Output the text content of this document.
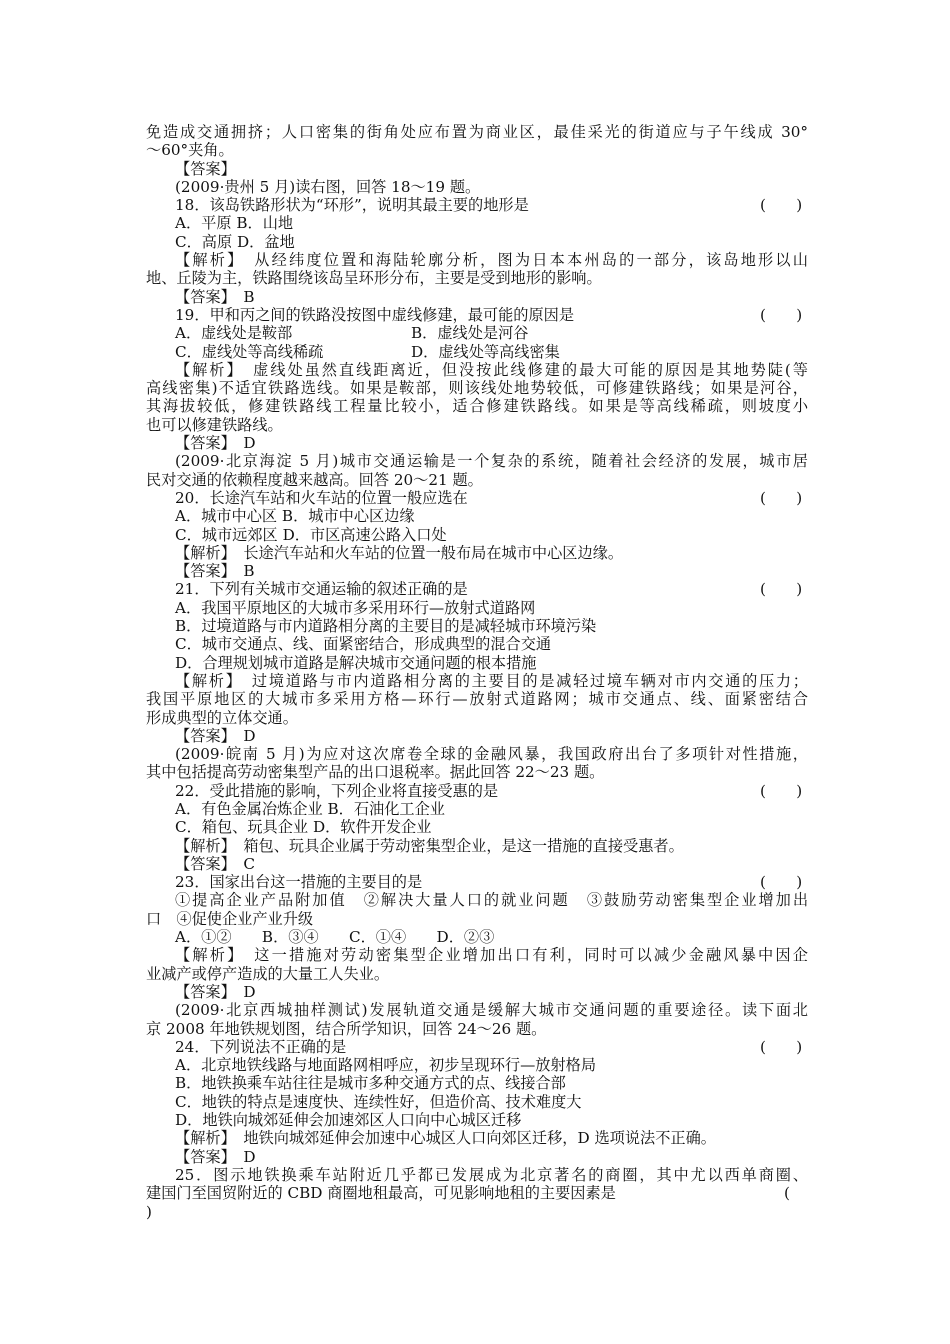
免造成交通拥挤；人口密集的街角处应布置为商业区，最佳采光的街道应与子午线成 30°
～60°夹角。
【答案】
(2009·贵州 5 月)读右图，回答 18～19 题。
18．该岛铁路形状为“环形”，说明其最主要的地形是	(　　)
A．平原 B．山地
C．高原 D．盆地
【解析】　从经纬度位置和海陆轮廓分析，图为日本本州岛的一部分，该岛地形以山
地、丘陵为主，铁路围绕该岛呈环形分布，主要是受到地形的影响。
【答案】　B
19．甲和丙之间的铁路没按图中虚线修建，最可能的原因是	(　　)
A．虚线处是鞍部	B．虚线处是河谷
C．虚线处等高线稀疏	D．虚线处等高线密集
【解析】　虚线处虽然直线距离近，但没按此线修建的最大可能的原因是其地势陡(等
高线密集)不适宜铁路选线。如果是鞍部，则该线处地势较低，可修建铁路线；如果是河谷，
其海拔较低，修建铁路线工程量比较小，适合修建铁路线。如果是等高线稀疏，则坡度小
也可以修建铁路线。
【答案】　D
(2009·北京海淀 5 月)城市交通运输是一个复杂的系统，随着社会经济的发展，城市居
民对交通的依赖程度越来越高。回答 20～21 题。
20．长途汽车站和火车站的位置一般应选在	(　　)
A．城市中心区 B．城市中心区边缘
C．城市远郊区 D．市区高速公路入口处
【解析】　长途汽车站和火车站的位置一般布局在城市中心区边缘。
【答案】　B
21．下列有关城市交通运输的叙述正确的是	(　　)
A．我国平原地区的大城市多采用环行—放射式道路网
B．过境道路与市内道路相分离的主要目的是减轻城市环境污染
C．城市交通点、线、面紧密结合，形成典型的混合交通
D．合理规划城市道路是解决城市交通问题的根本措施
【解析】　过境道路与市内道路相分离的主要目的是减轻过境车辆对市内交通的压力；
我国平原地区的大城市多采用方格—环行—放射式道路网；城市交通点、线、面紧密结合
形成典型的立体交通。
【答案】　D
(2009·皖南 5 月)为应对这次席卷全球的金融风暴，我国政府出台了多项针对性措施，
其中包括提高劳动密集型产品的出口退税率。据此回答 22～23 题。
22．受此措施的影响，下列企业将直接受惠的是	(　　)
A．有色金属冶炼企业 B．石油化工企业
C．箱包、玩具企业 D．软件开发企业
【解析】　箱包、玩具企业属于劳动密集型企业，是这一措施的直接受惠者。
【答案】　C
23．国家出台这一措施的主要目的是	(　　)
①提高企业产品附加值　②解决大量人口的就业问题　③鼓励劳动密集型企业增加出
口　④促使企业产业升级
A．①②　　B．③④　　C．①④　　D．②③
【解析】　这一措施对劳动密集型企业增加出口有利，同时可以减少金融风暴中因企
业减产或停产造成的大量工人失业。
【答案】　D
(2009·北京西城抽样测试)发展轨道交通是缓解大城市交通问题的重要途径。读下面北
京 2008 年地铁规划图，结合所学知识，回答 24～26 题。
24．下列说法不正确的是	(　　)
A．北京地铁线路与地面路网相呼应，初步呈现环行—放射格局
B．地铁换乘车站往往是城市多种交通方式的点、线接合部
C．地铁的特点是速度快、连续性好，但造价高、技术难度大
D．地铁向城郊延伸会加速郊区人口向中心城区迁移
【解析】　地铁向城郊延伸会加速中心城区人口向郊区迁移，D 选项说法不正确。
【答案】　D
25．图示地铁换乘车站附近几乎都已发展成为北京著名的商圈，其中尤以西单商圈、
建国门至国贸附近的 CBD 商圈地租最高，可见影响地租的主要因素是	(
)
